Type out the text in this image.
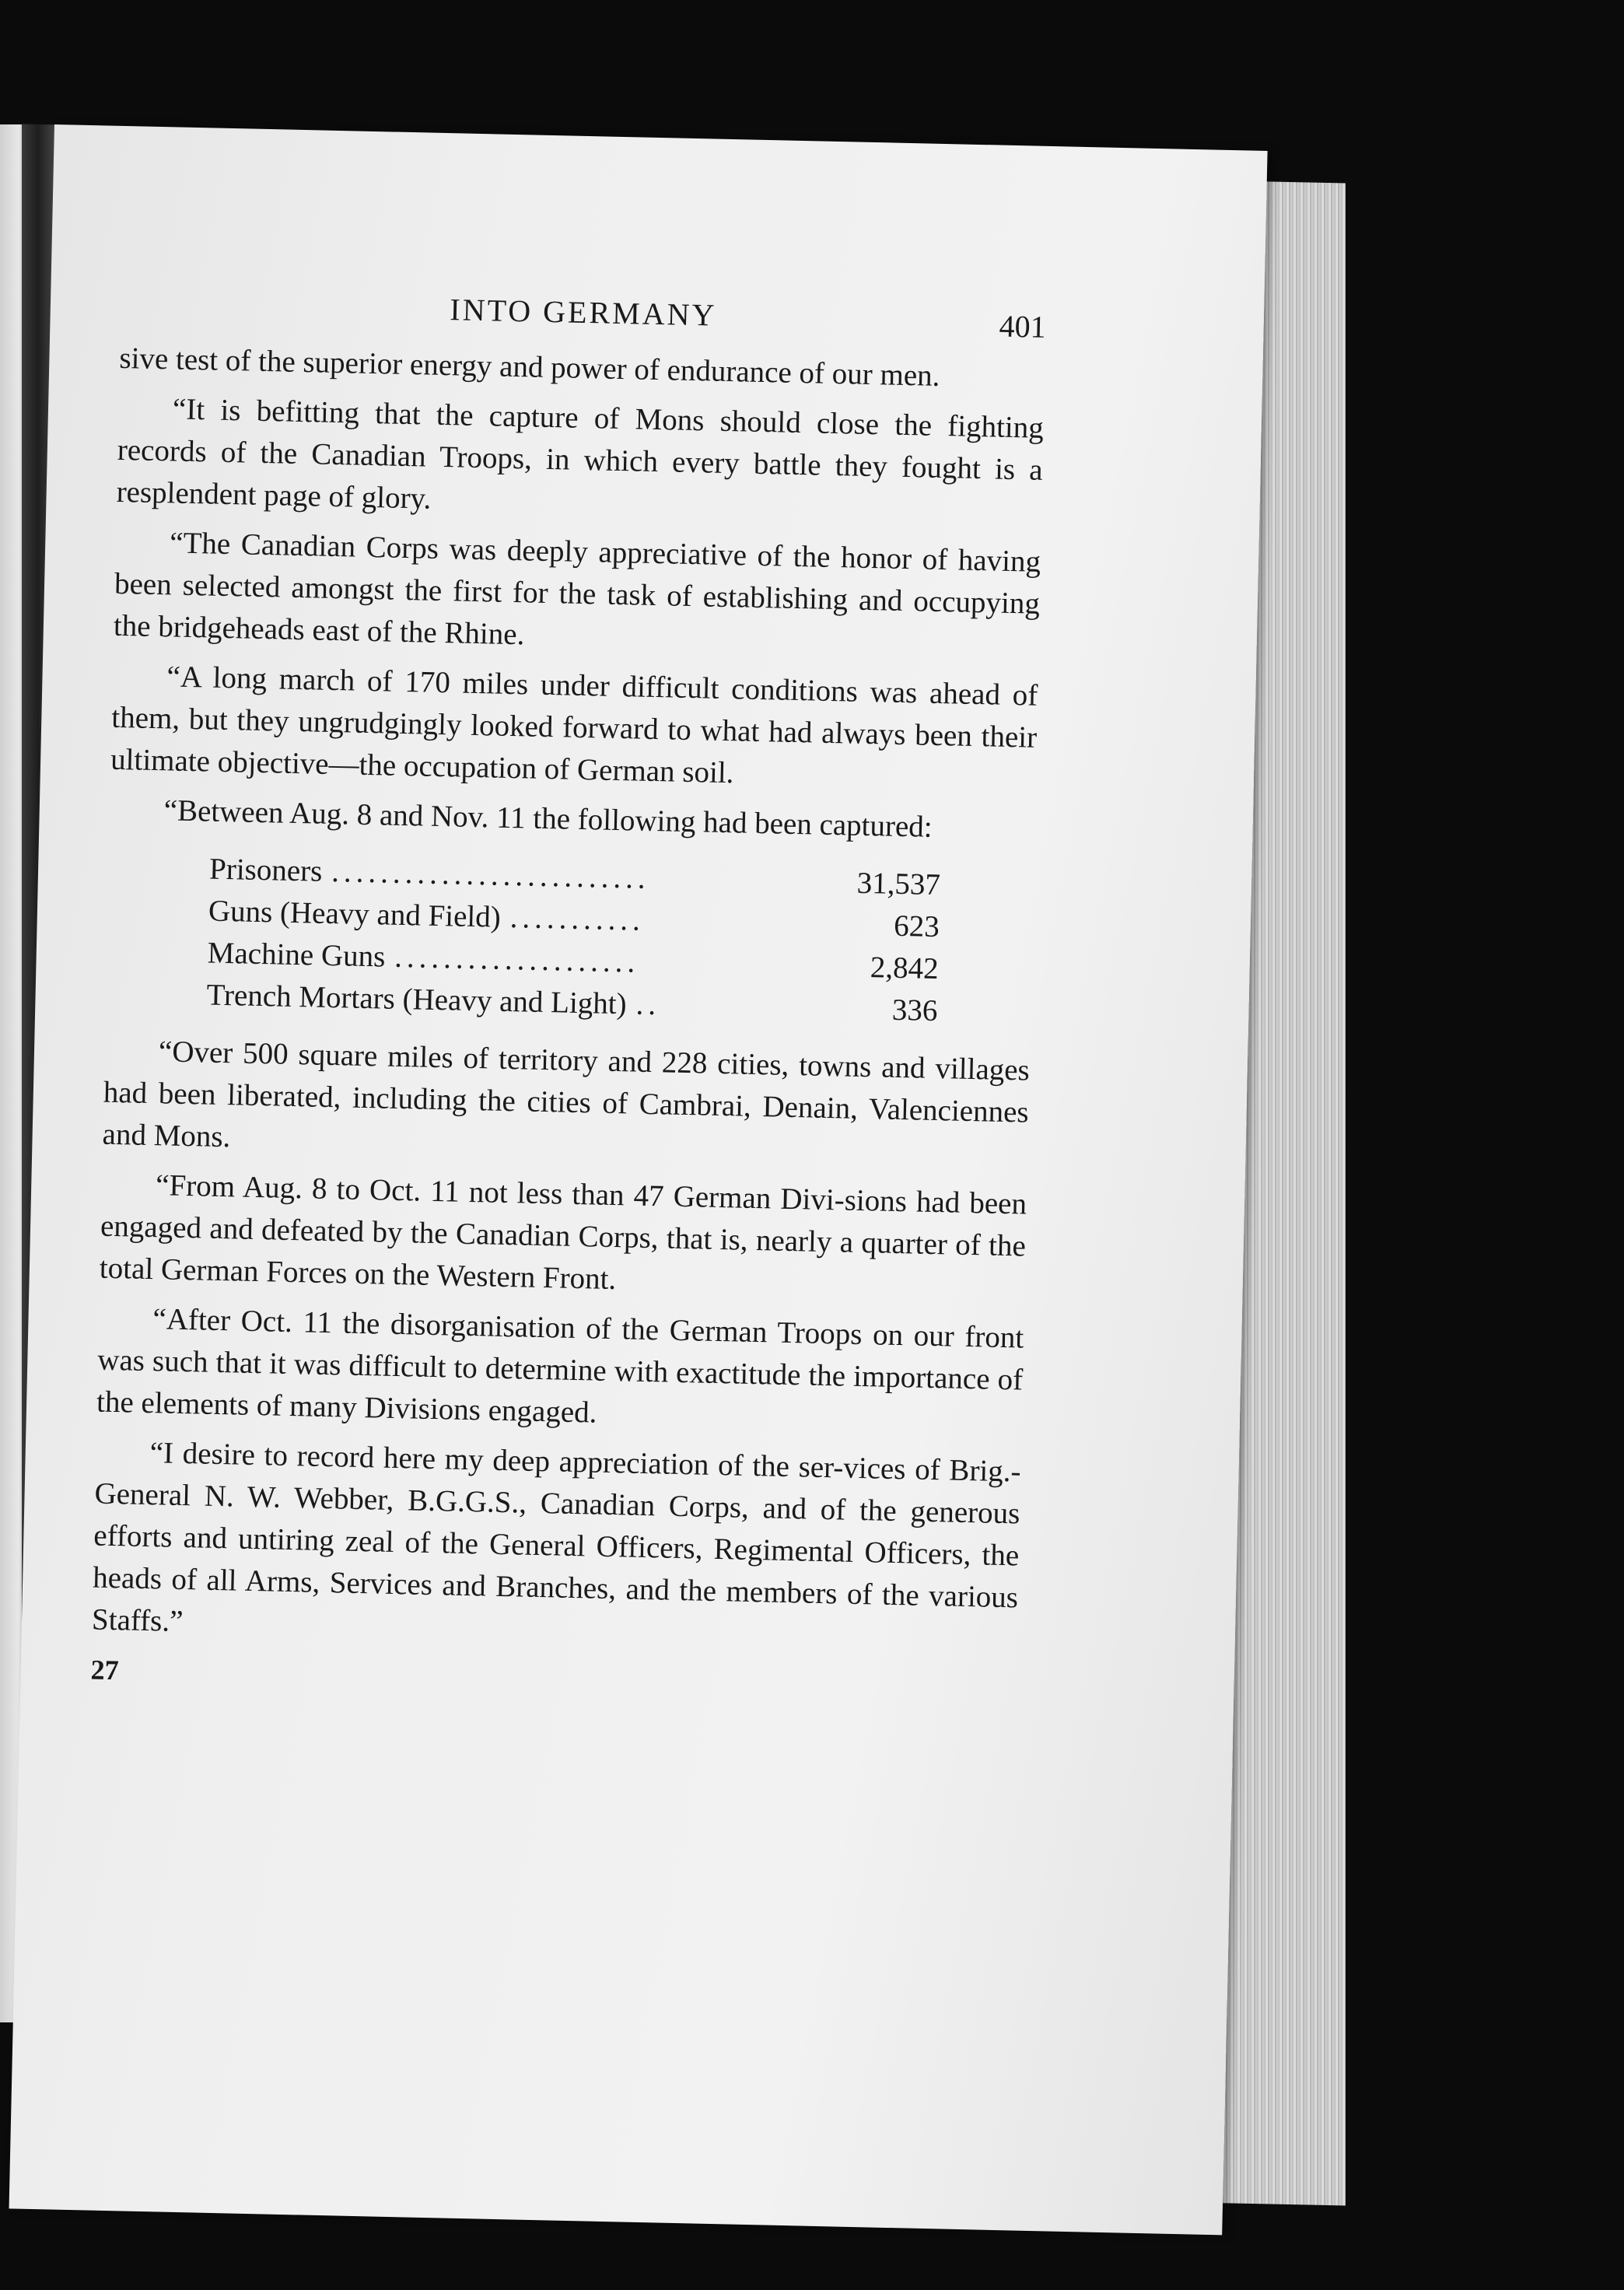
INTO GERMANY	401

sive test of the superior energy and power of endurance of our men.

“It is befitting that the capture of Mons should close the fighting records of the Canadian Troops, in which every battle they fought is a resplendent page of glory.

“The Canadian Corps was deeply appreciative of the honor of having been selected amongst the first for the task of establishing and occupying the bridgeheads east of the Rhine.

“A long march of 170 miles under difficult conditions was ahead of them, but they ungrudgingly looked forward to what had always been their ultimate objective—the occupation of German soil.

“Between Aug. 8 and Nov. 11 the following had been captured:

Prisoners ..........................	31,537
Guns (Heavy and Field) ...........	623
Machine Guns ....................	2,842
Trench Mortars (Heavy and Light) ..	336

“Over 500 square miles of territory and 228 cities, towns and villages had been liberated, including the cities of Cambrai, Denain, Valenciennes and Mons.

“From Aug. 8 to Oct. 11 not less than 47 German Divi-sions had been engaged and defeated by the Canadian Corps, that is, nearly a quarter of the total German Forces on the Western Front.

“After Oct. 11 the disorganisation of the German Troops on our front was such that it was difficult to determine with exactitude the importance of the elements of many Divisions engaged.

“I desire to record here my deep appreciation of the ser-vices of Brig.-General N. W. Webber, B.G.G.S., Canadian Corps, and of the generous efforts and untiring zeal of the General Officers, Regimental Officers, the heads of all Arms, Services and Branches, and the members of the various Staffs.”

27
